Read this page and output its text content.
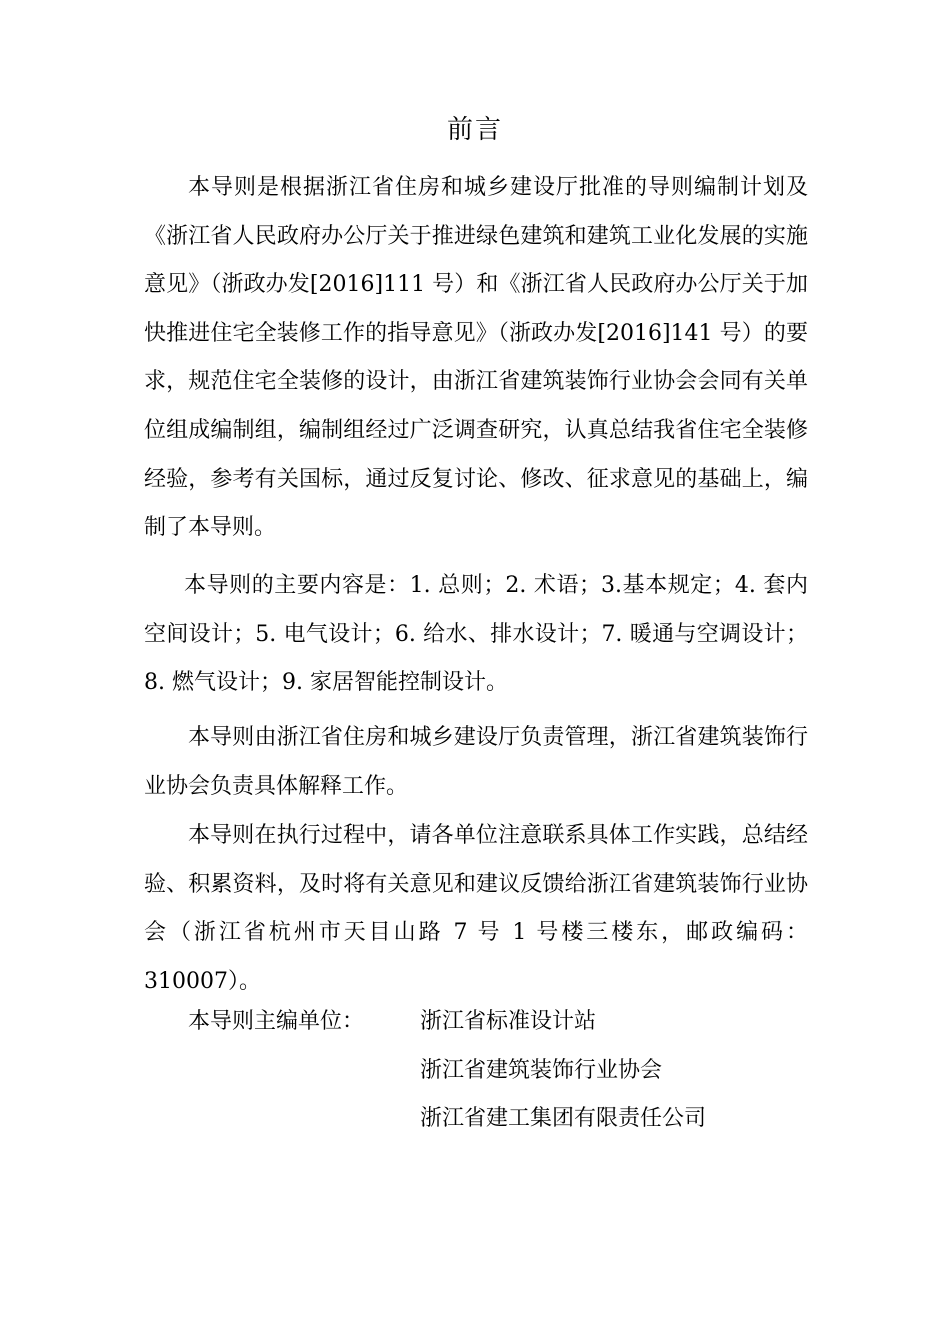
前言

本导则是根据浙江省住房和城乡建设厅批准的导则编制计划及《浙江省人民政府办公厅关于推进绿色建筑和建筑工业化发展的实施意见》（浙政办发[2016]111 号）和《浙江省人民政府办公厅关于加快推进住宅全装修工作的指导意见》（浙政办发[2016]141 号）的要求，规范住宅全装修的设计，由浙江省建筑装饰行业协会会同有关单位组成编制组，编制组经过广泛调查研究，认真总结我省住宅全装修经验，参考有关国标，通过反复讨论、修改、征求意见的基础上，编制了本导则。

本导则的主要内容是：1. 总则；2. 术语；3.基本规定；4. 套内空间设计；5. 电气设计；6. 给水、排水设计；7. 暖通与空调设计；8. 燃气设计；9. 家居智能控制设计。

本导则由浙江省住房和城乡建设厅负责管理，浙江省建筑装饰行业协会负责具体解释工作。

本导则在执行过程中，请各单位注意联系具体工作实践，总结经验、积累资料，及时将有关意见和建议反馈给浙江省建筑装饰行业协会（浙江省杭州市天目山路 7 号 1 号楼三楼东，邮政编码：310007）。

本导则主编单位：	浙江省标准设计站
浙江省建筑装饰行业协会
浙江省建工集团有限责任公司
